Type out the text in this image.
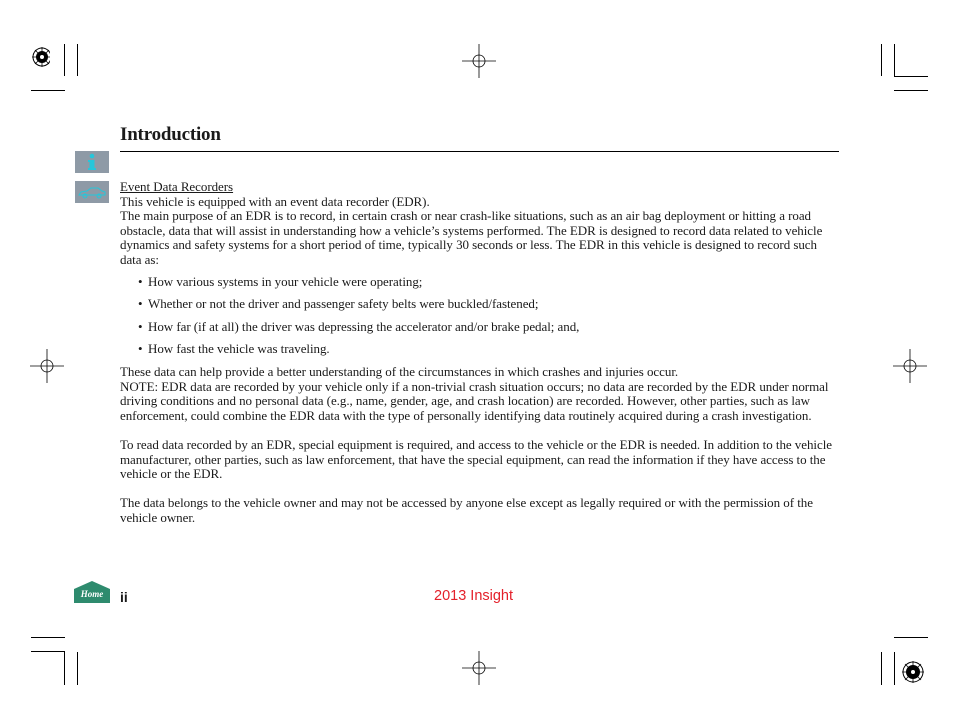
Introduction

Event Data Recorders

This vehicle is equipped with an event data recorder (EDR).

The main purpose of an EDR is to record, in certain crash or near crash-like situations, such as an air bag deployment or hitting a road obstacle, data that will assist in understanding how a vehicle’s systems performed. The EDR is designed to record data related to vehicle dynamics and safety systems for a short period of time, typically 30 seconds or less. The EDR in this vehicle is designed to record such data as:

• How various systems in your vehicle were operating;
• Whether or not the driver and passenger safety belts were buckled/fastened;
• How far (if at all) the driver was depressing the accelerator and/or brake pedal; and,
• How fast the vehicle was traveling.

These data can help provide a better understanding of the circumstances in which crashes and injuries occur.

NOTE: EDR data are recorded by your vehicle only if a non-trivial crash situation occurs; no data are recorded by the EDR under normal driving conditions and no personal data (e.g., name, gender, age, and crash location) are recorded. However, other parties, such as law enforcement, could combine the EDR data with the type of personally identifying data routinely acquired during a crash investigation.

To read data recorded by an EDR, special equipment is required, and access to the vehicle or the EDR is needed. In addition to the vehicle manufacturer, other parties, such as law enforcement, that have the special equipment, can read the information if they have access to the vehicle or the EDR.

The data belongs to the vehicle owner and may not be accessed by anyone else except as legally required or with the permission of the vehicle owner.

Home ii	2013 Insight
